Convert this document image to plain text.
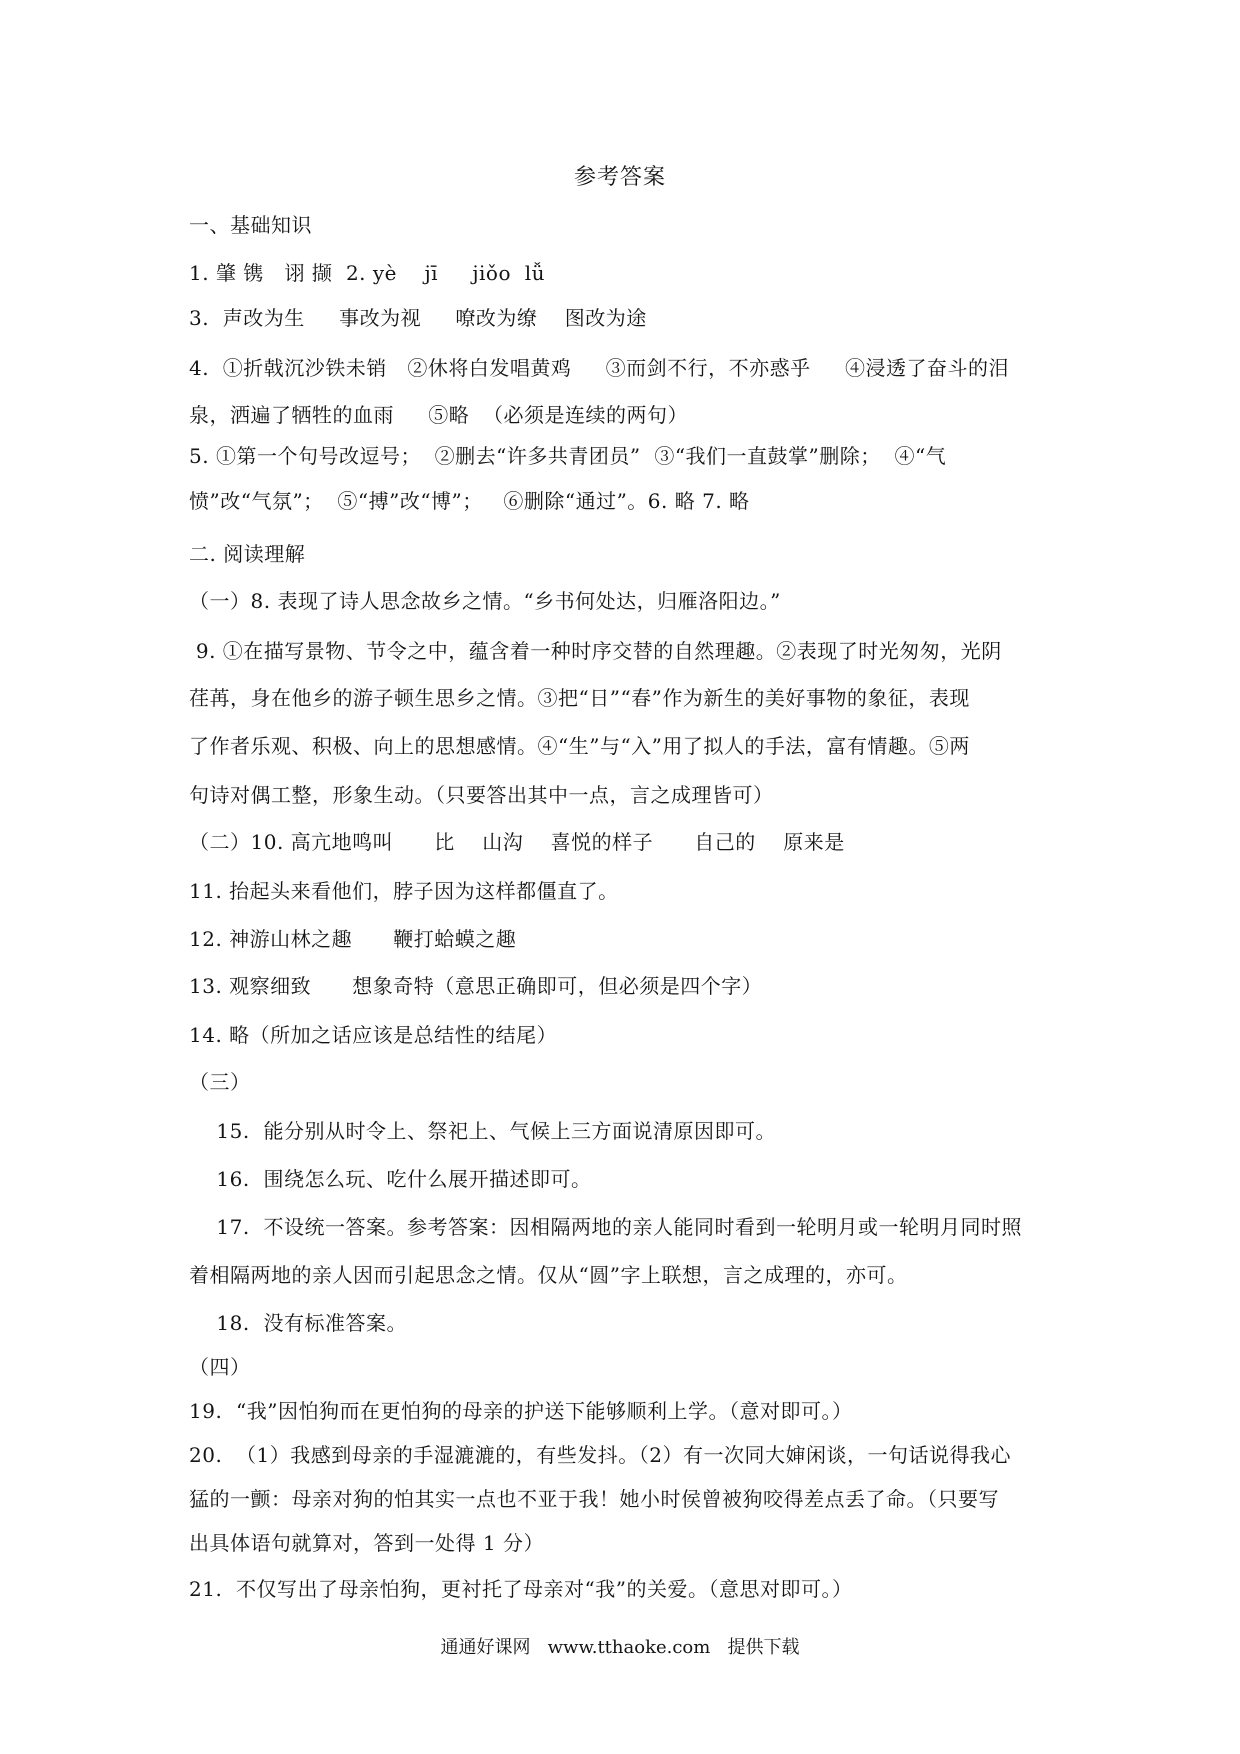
参考答案
一、基础知识
1. 肇 镌   诩 撷  2. yè    jī     jiǒo  lǚ
3.  声改为生     事改为视     嘹改为缭    图改为途
4.  ①折戟沉沙铁未销   ②休将白发唱黄鸡     ③而剑不行，不亦惑乎     ④浸透了奋斗的泪
泉，洒遍了牺牲的血雨     ⑤略  （必须是连续的两句）
5. ①第一个句号改逗号；  ②删去“许多共青团员”  ③“我们一直鼓掌”删除；  ④“气
愤”改“气氛”；  ⑤“搏”改“博”；   ⑥删除“通过”。6. 略 7. 略
二. 阅读理解
（一）8. 表现了诗人思念故乡之情。“乡书何处达，归雁洛阳边。”
9. ①在描写景物、节令之中，蕴含着一种时序交替的自然理趣。②表现了时光匆匆，光阴
荏苒，身在他乡的游子顿生思乡之情。③把“日”“春”作为新生的美好事物的象征，表现
了作者乐观、积极、向上的思想感情。④“生”与“入”用了拟人的手法，富有情趣。⑤两
句诗对偶工整，形象生动。（只要答出其中一点，言之成理皆可）
（二）10. 高亢地鸣叫      比    山沟    喜悦的样子      自己的    原来是
11. 抬起头来看他们，脖子因为这样都僵直了。
12. 神游山林之趣      鞭打蛤蟆之趣
13. 观察细致      想象奇特（意思正确即可，但必须是四个字）
14. 略（所加之话应该是总结性的结尾）
（三）
15.  能分别从时令上、祭祀上、气候上三方面说清原因即可。
16.  围绕怎么玩、吃什么展开描述即可。
17.  不设统一答案。参考答案：因相隔两地的亲人能同时看到一轮明月或一轮明月同时照
着相隔两地的亲人因而引起思念之情。仅从“圆”字上联想，言之成理的，亦可。
18.  没有标准答案。
（四）
19.  “我”因怕狗而在更怕狗的母亲的护送下能够顺利上学。（意对即可。）
20.  （1）我感到母亲的手湿漉漉的，有些发抖。（2）有一次同大婶闲谈，一句话说得我心
猛的一颤：母亲对狗的怕其实一点也不亚于我！她小时侯曾被狗咬得差点丢了命。（只要写
出具体语句就算对，答到一处得 1 分）
21.  不仅写出了母亲怕狗，更衬托了母亲对“我”的关爱。（意思对即可。）
通通好课网   www.tthaoke.com   提供下载
